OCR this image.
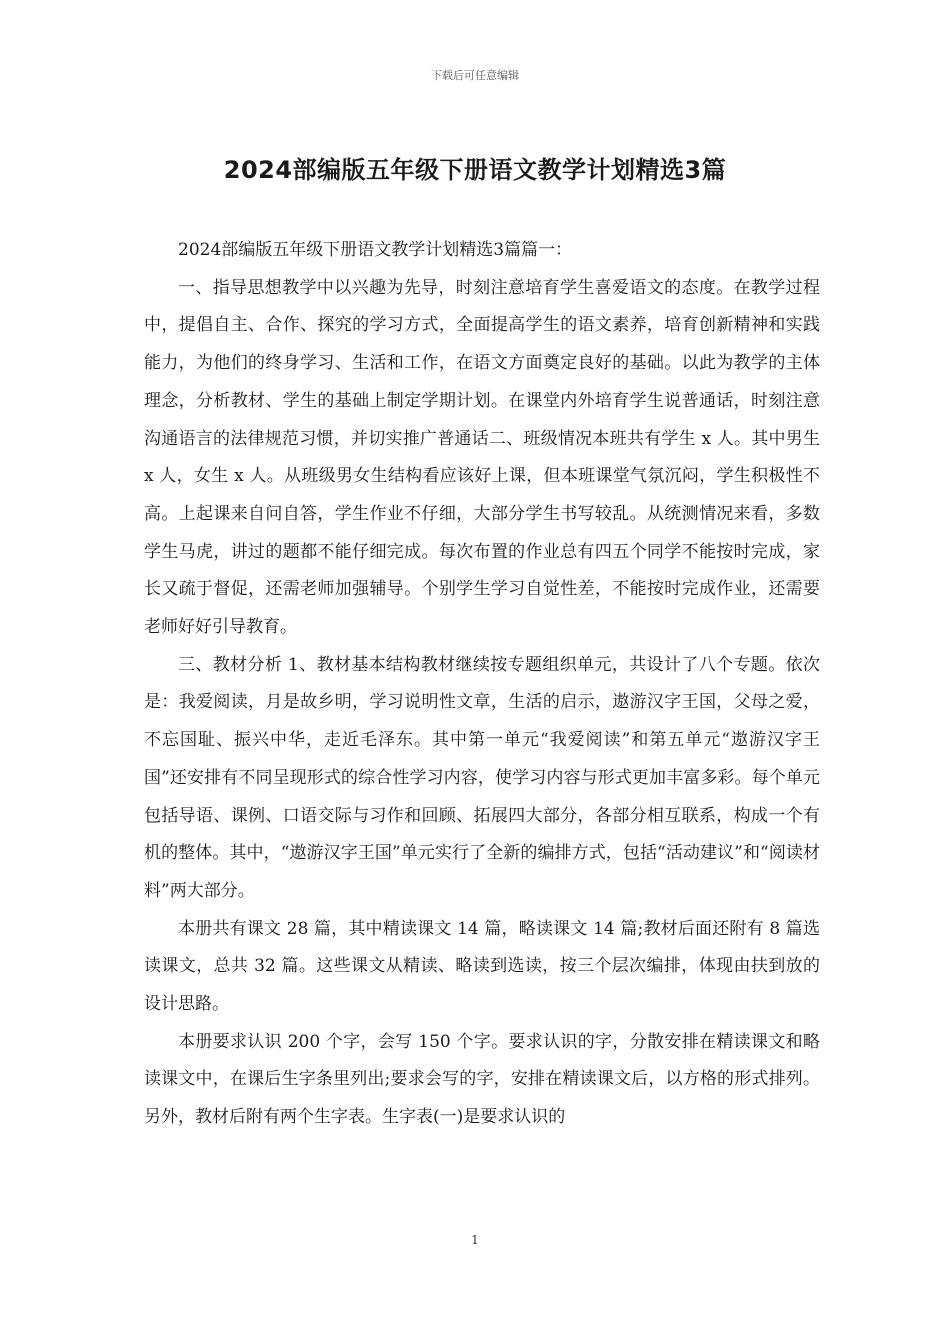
下载后可任意编辑
2024部编版五年级下册语文教学计划精选3篇

2024部编版五年级下册语文教学计划精选3篇篇一：

一、指导思想教学中以兴趣为先导，时刻注意培育学生喜爱语文的态度。在教学过程中，提倡自主、合作、探究的学习方式，全面提高学生的语文素养，培育创新精神和实践能力，为他们的终身学习、生活和工作，在语文方面奠定良好的基础。以此为教学的主体理念，分析教材、学生的基础上制定学期计划。在课堂内外培育学生说普通话，时刻注意沟通语言的法律规范习惯，并切实推广普通话二、班级情况本班共有学生 x 人。其中男生 x 人，女生 x 人。从班级男女生结构看应该好上课，但本班课堂气氛沉闷，学生积极性不高。上起课来自问自答，学生作业不仔细，大部分学生书写较乱。从统测情况来看，多数学生马虎，讲过的题都不能仔细完成。每次布置的作业总有四五个同学不能按时完成，家长又疏于督促，还需老师加强辅导。个别学生学习自觉性差，不能按时完成作业，还需要老师好好引导教育。

三、教材分析 1、教材基本结构教材继续按专题组织单元，共设计了八个专题。依次是：我爱阅读，月是故乡明，学习说明性文章，生活的启示，遨游汉字王国，父母之爱，不忘国耻、振兴中华，走近毛泽东。其中第一单元“我爱阅读”和第五单元“遨游汉字王国”还安排有不同呈现形式的综合性学习内容，使学习内容与形式更加丰富多彩。每个单元包括导语、课例、口语交际与习作和回顾、拓展四大部分，各部分相互联系，构成一个有机的整体。其中，“遨游汉字王国”单元实行了全新的编排方式，包括“活动建议”和“阅读材料”两大部分。

本册共有课文 28 篇，其中精读课文 14 篇，略读课文 14 篇;教材后面还附有 8 篇选读课文，总共 32 篇。这些课文从精读、略读到选读，按三个层次编排，体现由扶到放的设计思路。

本册要求认识 200 个字，会写 150 个字。要求认识的字，分散安排在精读课文和略读课文中，在课后生字条里列出;要求会写的字，安排在精读课文后，以方格的形式排列。另外，教材后附有两个生字表。生字表(一)是要求认识的

1
